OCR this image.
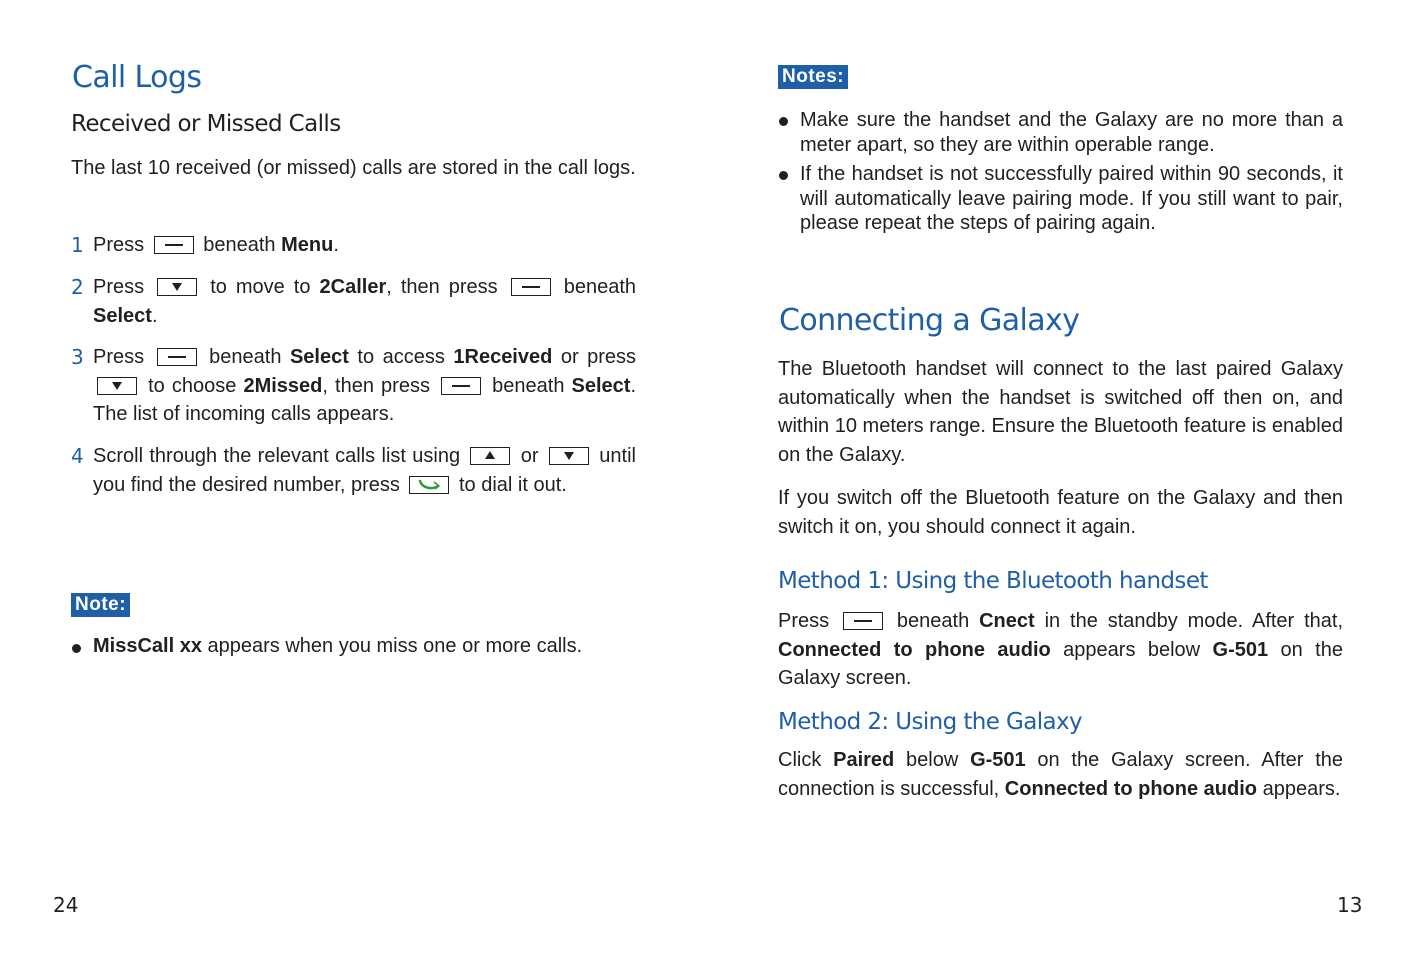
Call Logs
Received or Missed Calls

The last 10 received (or missed) calls are stored in the call logs.

1 Press	beneath Menu.
2 Press	to move to 2Caller, then press	beneath Select.
3 Press	beneath Select to access 1Received or press  to choose 2Missed, then press	beneath Select. The list of incoming calls appears.
4 Scroll through the relevant calls list using	or	until you find the desired number, press	to dial it out.
Note:
MissCall xx appears when you miss one or more calls.
24
Notes:
Make sure the handset and the Galaxy are no more than a meter apart, so they are within operable range.
If the handset is not successfully paired within 90 seconds, it will automatically leave pairing mode. If you still want to pair, please repeat the steps of pairing again.
Connecting a Galaxy

The Bluetooth handset will connect to the last paired Galaxy automatically when the handset is switched off then on, and within 10 meters range. Ensure the Bluetooth feature is enabled on the Galaxy.

If you switch off the Bluetooth feature on the Galaxy and then switch it on, you should connect it again.

Method 1: Using the Bluetooth handset

Press	beneath Cnect in the standby mode. After that, Connected to phone audio appears below G-501 on the Galaxy screen.

Method 2: Using the Galaxy

Click Paired below G-501 on the Galaxy screen. After the connection is successful, Connected to phone audio appears.

13
